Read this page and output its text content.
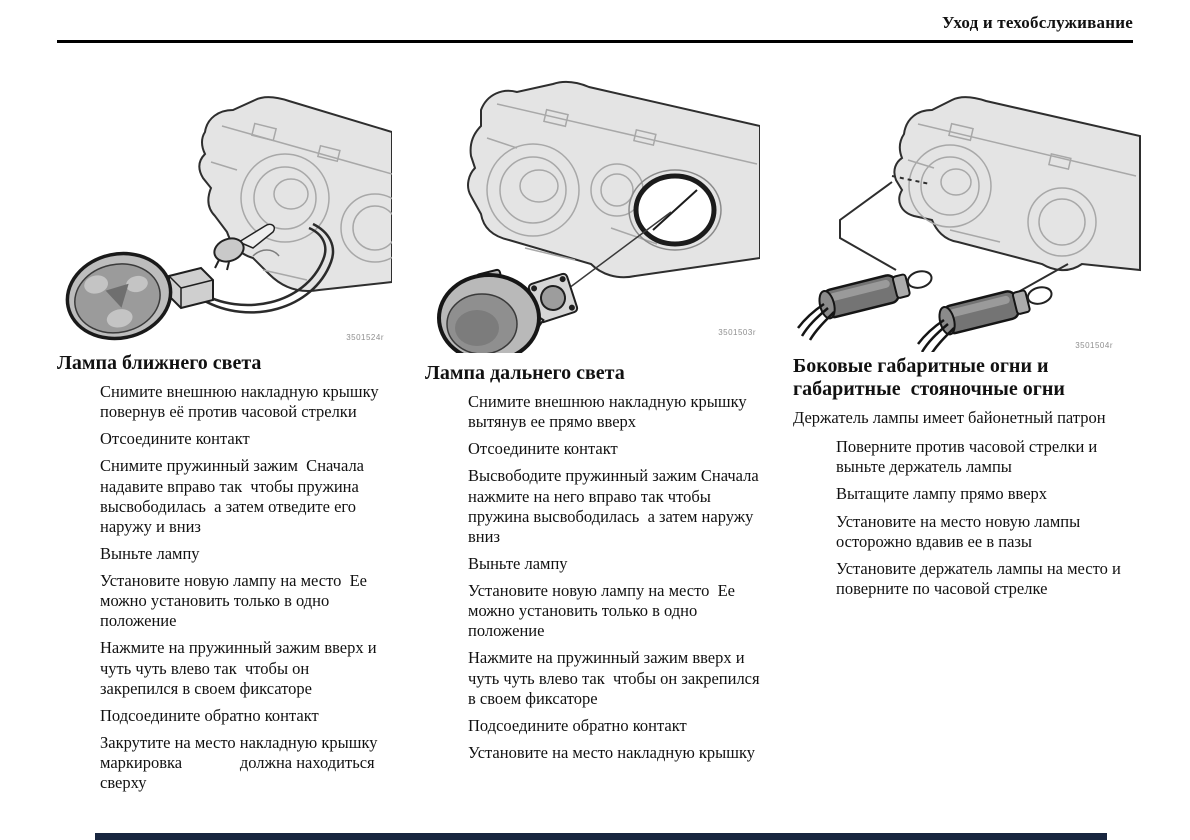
Уход и техобслуживание
3501524r
3501503r
3501504r
Лампа ближнего света
Снимите внешнюю накладную крышку повернув её против часовой стрелки
Отсоедините контакт
Снимите пружинный зажим  Сначала надавите вправо так  чтобы пружина высвободилась  а затем отведите его наружу и вниз
Выньте лампу
Установите новую лампу на место  Ее можно установить только в одно положение
Нажмите на пружинный зажим вверх и чуть чуть влево так  чтобы он закрепился в своем фиксаторе
Подсоедините обратно контакт
Закрутите на место накладную крышку  маркировка              должна находиться сверху
Лампа дальнего света
Снимите внешнюю накладную крышку вытянув ее прямо вверх
Отсоедините контакт
Высвободите пружинный зажим Сначала нажмите на него вправо так чтобы пружина высвободилась  а затем наружу вниз
Выньте лампу
Установите новую лампу на место  Ее можно установить только в одно положение
Нажмите на пружинный зажим вверх и чуть чуть влево так  чтобы он закрепился в своем фиксаторе
Подсоедините обратно контакт
Установите на место накладную крышку
Боковые габаритные огни и габаритные  стояночные огни

Держатель лампы имеет байонетный патрон

Поверните против часовой стрелки и выньте держатель лампы
Вытащите лампу прямо вверх
Установите на место новую лампы осторожно вдавив ее в пазы
Установите держатель лампы на место и поверните по часовой стрелке
